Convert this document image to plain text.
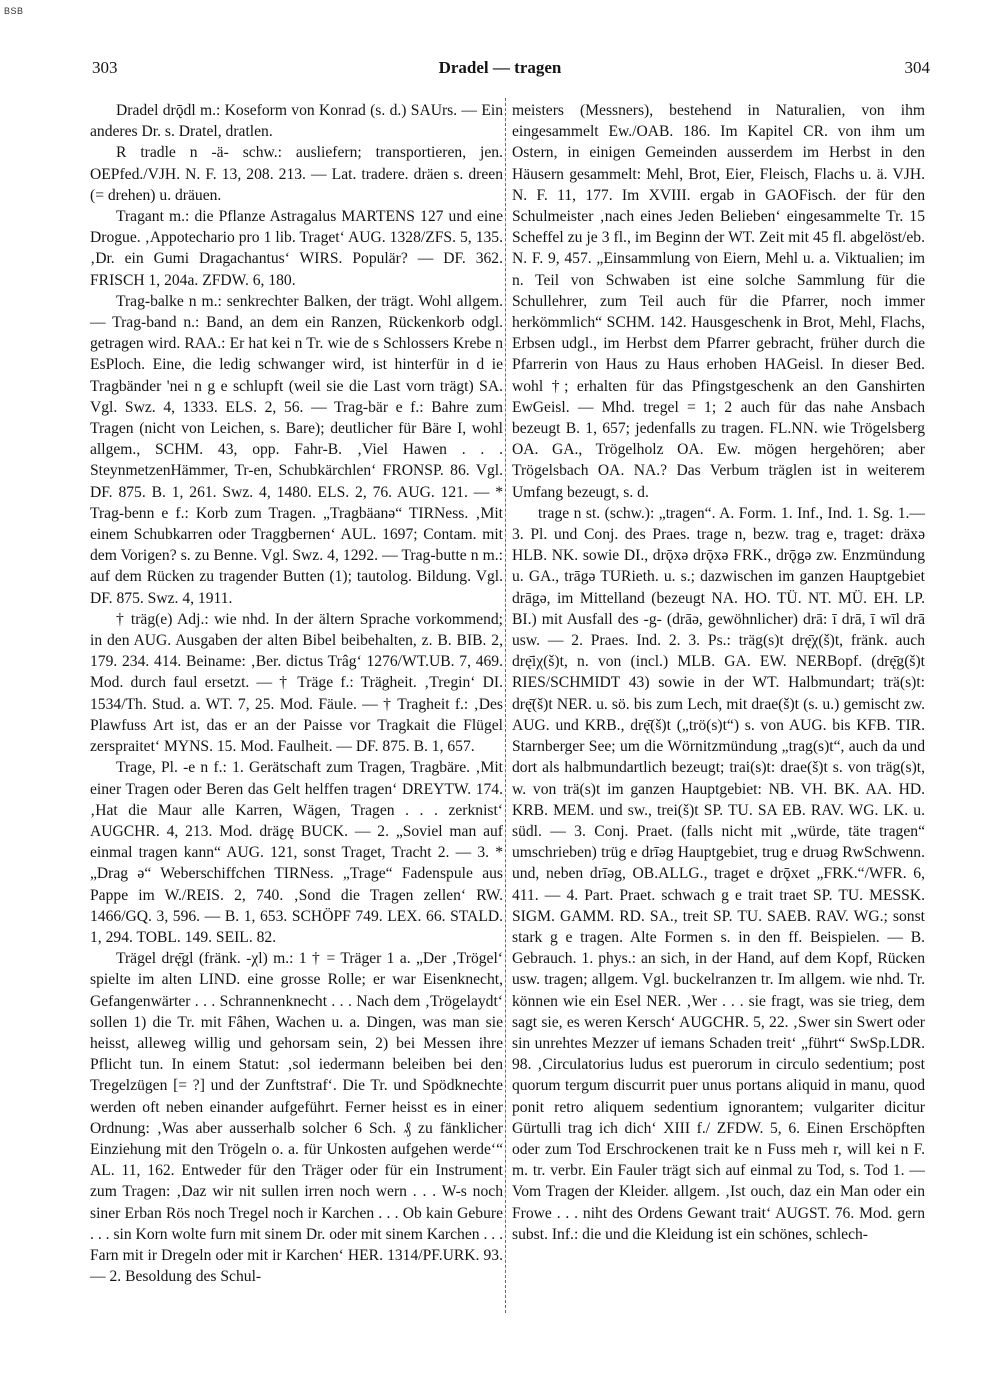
BSB
303	Dradel — tragen	304

Dradel drǭdl m.: Koseform von Konrad (s. d.) SAUrs. — Ein anderes Dr. s. Dratel, dratlen.

R tradle n -ä- schw.: ausliefern; transportieren, jen. OEPfed./VJH. N. F. 13, 208. 213. — Lat. tradere. dräen s. dreen (= drehen) u. dräuen.

Tragant m.: die Pflanze Astragalus MARTENS 127 und eine Drogue. ‚Appotechario pro 1 lib. Traget‘ AUG. 1328/ZFS. 5, 135. ‚Dr. ein Gumi Dragachantus‘ WIRS. Populär? — DF. 362. FRISCH 1, 204a. ZFDW. 6, 180.

Trag-balke n m.: senkrechter Balken, der trägt. Wohl allgem. — Trag-band n.: Band, an dem ein Ranzen, Rückenkorb odgl. getragen wird. RAA.: Er hat kei n Tr. wie de s Schlossers Krebe n EsPloch. Eine, die ledig schwanger wird, ist hinterfür in d ie Tragbänder 'nei n g e schlupft (weil sie die Last vorn trägt) SA. Vgl. Swz. 4, 1333. ELS. 2, 56. — Trag-bär e f.: Bahre zum Tragen (nicht von Leichen, s. Bare); deutlicher für Bäre I, wohl allgem., SCHM. 43, opp. Fahr-B. ‚Viel Hawen . . . SteynmetzenHämmer, Tr-en, Schubkärchlen‘ FRONSP. 86. Vgl. DF. 875. B. 1, 261. Swz. 4, 1480. ELS. 2, 76. AUG. 121. — * Trag-benn e f.: Korb zum Tragen. „Tragbäanə“ TIRNess. ‚Mit einem Schubkarren oder Traggbernen‘ AUL. 1697; Contam. mit dem Vorigen? s. zu Benne. Vgl. Swz. 4, 1292. — Trag-butte n m.: auf dem Rücken zu tragender Butten (1); tautolog. Bildung. Vgl. DF. 875. Swz. 4, 1911.

† träg(e) Adj.: wie nhd. In der ältern Sprache vorkommend; in den AUG. Ausgaben der alten Bibel beibehalten, z. B. BIB. 2, 179. 234. 414. Beiname: ‚Ber. dictus Trâg‘ 1276/WT.UB. 7, 469. Mod. durch faul ersetzt. — † Träge f.: Trägheit. ‚Tregin‘ DI. 1534/Th. Stud. a. WT. 7, 25. Mod. Fäule. — † Tragheit f.: ‚Des Plawfuss Art ist, das er an der Paisse vor Tragkait die Flügel zerspraitet‘ MYNS. 15. Mod. Faulheit. — DF. 875. B. 1, 657.

Trage, Pl. -e n f.: 1. Gerätschaft zum Tragen, Tragbäre. ‚Mit einer Tragen oder Beren das Gelt helffen tragen‘ DREYTW. 174. ‚Hat die Maur alle Karren, Wägen, Tragen . . . zerknist‘ AUGCHR. 4, 213. Mod. drägę BUCK. — 2. „Soviel man auf einmal tragen kann“ AUG. 121, sonst Traget, Tracht 2. — 3. * „Drag ə“ Weberschiffchen TIRNess. „Trage“ Fadenspule aus Pappe im W./REIS. 2, 740. ‚Sond die Tragen zellen‘ RW. 1466/GQ. 3, 596. — B. 1, 653. SCHÖPF 749. LEX. 66. STALD. 1, 294. TOBL. 149. SEIL. 82.

Trägel drę̄gl (fränk. -χl) m.: 1 † = Träger 1 a. „Der ‚Trögel‘ spielte im alten LIND. eine grosse Rolle; er war Eisenknecht, Gefangenwärter . . . Schrannenknecht . . . Nach dem ‚Trögelaydt‘ sollen 1) die Tr. mit Fâhen, Wachen u. a. Dingen, was man sie heisst, alleweg willig und gehorsam sein, 2) bei Messen ihre Pflicht tun. In einem Statut: ‚sol iedermann beleiben bei den Tregelzügen [= ?] und der Zunftstraf‘. Die Tr. und Spödknechte werden oft neben einander aufgeführt. Ferner heisst es in einer Ordnung: ‚Was aber ausserhalb solcher 6 Sch. ₰ zu fänklicher Einziehung mit den Trögeln o. a. für Unkosten aufgehen werde‘“ AL. 11, 162. Entweder für den Träger oder für ein Instrument zum Tragen: ‚Daz wir nit sullen irren noch wern . . . W-s noch siner Erban Rös noch Tregel noch ir Karchen . . . Ob kain Gebure . . . sin Korn wolte furn mit sinem Dr. oder mit sinem Karchen . . . Farn mit ir Dregeln oder mit ir Karchen‘ HER. 1314/PF.URK. 93. — 2. Besoldung des Schul-

meisters (Messners), bestehend in Naturalien, von ihm eingesammelt Ew./OAB. 186. Im Kapitel CR. von ihm um Ostern, in einigen Gemeinden ausserdem im Herbst in den Häusern gesammelt: Mehl, Brot, Eier, Fleisch, Flachs u. ä. VJH. N. F. 11, 177. Im XVIII. ergab in GAOFisch. der für den Schulmeister ‚nach eines Jeden Belieben‘ eingesammelte Tr. 15 Scheffel zu je 3 fl., im Beginn der WT. Zeit mit 45 fl. abgelöst/eb. N. F. 9, 457. „Einsammlung von Eiern, Mehl u. a. Viktualien; im n. Teil von Schwaben ist eine solche Sammlung für die Schullehrer, zum Teil auch für die Pfarrer, noch immer herkömmlich“ SCHM. 142. Hausgeschenk in Brot, Mehl, Flachs, Erbsen udgl., im Herbst dem Pfarrer gebracht, früher durch die Pfarrerin von Haus zu Haus erhoben HAGeisl. In dieser Bed. wohl †; erhalten für das Pfingstgeschenk an den Ganshirten EwGeisl. — Mhd. tregel = 1; 2 auch für das nahe Ansbach bezeugt B. 1, 657; jedenfalls zu tragen. FL.NN. wie Trögelsberg OA. GA., Trögelholz OA. Ew. mögen hergehören; aber Trögelsbach OA. NA.? Das Verbum träglen ist in weiterem Umfang bezeugt, s. d.

trage n st. (schw.): „tragen“. A. Form. 1. Inf., Ind. 1. Sg. 1.—3. Pl. und Conj. des Praes. trage n, bezw. trag e, traget: dräxə HLB. NK. sowie DI., drǭxə drǭxə FRK., drǭgə zw. Enzmündung u. GA., trāgə TURieth. u. s.; dazwischen im ganzen Hauptgebiet drāgə, im Mittelland (bezeugt NA. HO. TÜ. NT. MÜ. EH. LP. BI.) mit Ausfall des -g- (drāə, gewöhnlicher) drā: ī drā, ī wīl drā usw. — 2. Praes. Ind. 2. 3. Ps.: träg(s)t drę̄χ(š)t, fränk. auch drę̄iχ(š)t, n. von (incl.) MLB. GA. EW. NERBopf. (drę̄g(š)t RIES/SCHMIDT 43) sowie in der WT. Halbmundart; trä(s)t: drę̄(š)t NER. u. sö. bis zum Lech, mit drae(š)t (s. u.) gemischt zw. AUG. und KRB., drę̄(š)t („trö(s)t“) s. von AUG. bis KFB. TIR. Starnberger See; um die Wörnitzmündung „trag(s)t“, auch da und dort als halbmundartlich bezeugt; trai(s)t: drae(š)t s. von träg(s)t, w. von trä(s)t im ganzen Hauptgebiet: NB. VH. BK. AA. HD. KRB. MEM. und sw., trei(š)t SP. TU. SA EB. RAV. WG. LK. u. südl. — 3. Conj. Praet. (falls nicht mit „würde, täte tragen“ umschrieben) trüg e drīəg Hauptgebiet, trug e druəg RwSchwenn. und, neben drīəg, OB.ALLG., traget e drǭxet „FRK.“/WFR. 6, 411. — 4. Part. Praet. schwach g e trait traet SP. TU. MESSK. SIGM. GAMM. RD. SA., treit SP. TU. SAEB. RAV. WG.; sonst stark g e tragen. Alte Formen s. in den ff. Beispielen. — B. Gebrauch. 1. phys.: an sich, in der Hand, auf dem Kopf, Rücken usw. tragen; allgem. Vgl. buckelranzen tr. Im allgem. wie nhd. Tr. können wie ein Esel NER. ‚Wer . . . sie fragt, was sie trieg, dem sagt sie, es weren Kersch‘ AUGCHR. 5, 22. ‚Swer sin Swert oder sin unrehtes Mezzer uf iemans Schaden treit‘ „führt“ SwSp.LDR. 98. ‚Circulatorius ludus est puerorum in circulo sedentium; post quorum tergum discurrit puer unus portans aliquid in manu, quod ponit retro aliquem sedentium ignorantem; vulgariter dicitur Gürtulli trag ich dich‘ XIII f./ ZFDW. 5, 6. Einen Erschöpften oder zum Tod Erschrockenen trait ke n Fuss meh r, will kei n F. m. tr. verbr. Ein Fauler trägt sich auf einmal zu Tod, s. Tod 1. — Vom Tragen der Kleider. allgem. ‚Ist ouch, daz ein Man oder ein Frowe . . . niht des Ordens Gewant trait‘ AUGST. 76. Mod. gern subst. Inf.: die und die Kleidung ist ein schönes, schlech-
